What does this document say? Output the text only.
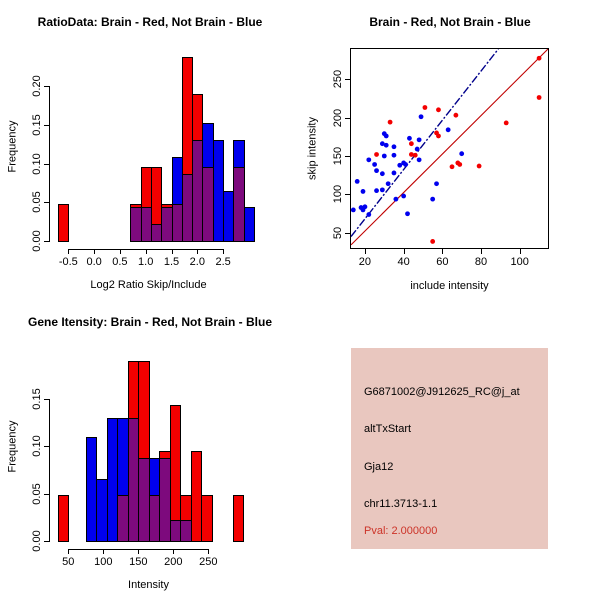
RatioData: Brain - Red, Not Brain - Blue
Frequency
Log2 Ratio Skip/Include
-0.5 0.0 0.5 1.0 1.5 2.0 2.5
0.00
0.05
0.10
0.15
0.20
Brain - Red, Not Brain - Blue
skip intensity
include intensity
20	40	60	80	100
50
100
150
200
250
Gene Itensity: Brain - Red, Not Brain - Blue
Frequency
Intensity
50	100	150	200	250
0.00
0.05
0.10
0.15	G6871002@J912625_RC@j_at
altTxStart
Gja12
chr11.3713-1.1
Pval: 2.000000
